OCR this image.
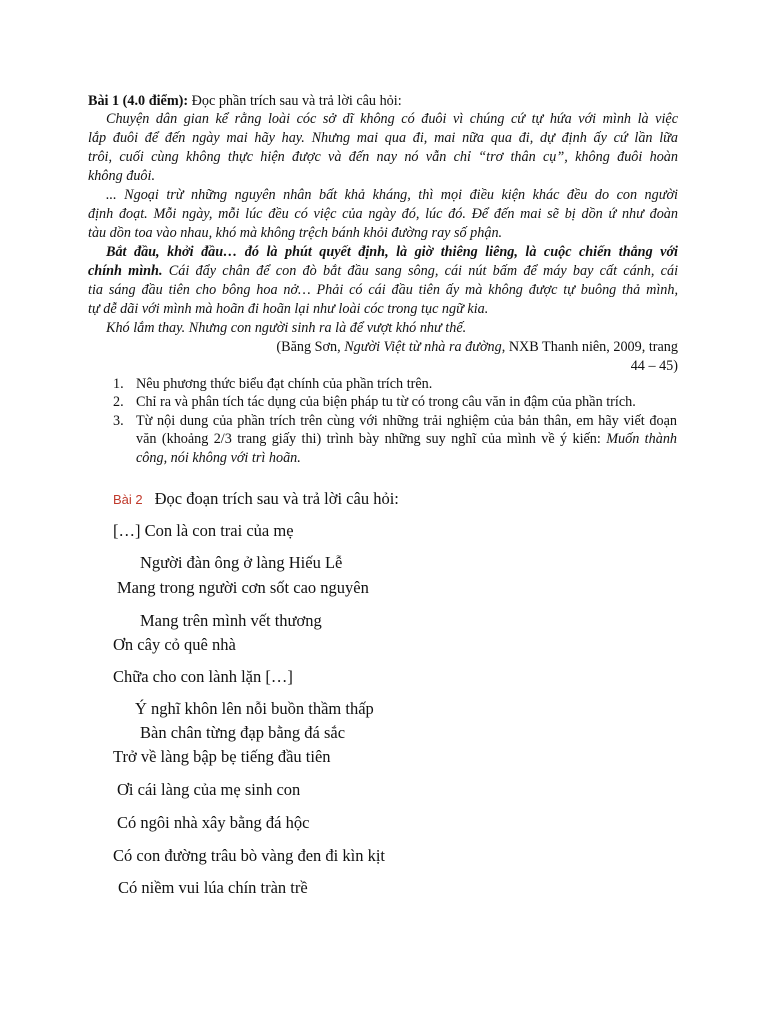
Bài 1 (4.0 điểm): Đọc phần trích sau và trả lời câu hỏi:
Chuyện dân gian kể rằng loài cóc sở dĩ không có đuôi vì chúng cứ tự hứa với mình là việc
lắp đuôi để đến ngày mai hãy hay. Nhưng mai qua đi, mai nữa qua đi, dự định ấy cứ lần lữa
trôi, cuối cùng không thực hiện được và đến nay nó vẫn chỉ “trơ thân cụ”, không đuôi hoàn
không đuôi.
... Ngoại trừ những nguyên nhân bất khả kháng, thì mọi điều kiện khác đều do con người
định đoạt. Mỗi ngày, mỗi lúc đều có việc của ngày đó, lúc đó. Để đến mai sẽ bị dồn ứ như đoàn
tàu dồn toa vào nhau, khó mà không trệch bánh khỏi đường ray số phận.
Bắt đầu, khởi đầu… đó là phút quyết định, là giờ thiêng liêng, là cuộc chiến thắng với
chính mình. Cái đẩy chân để con đò bắt đầu sang sông, cái nút bấm để máy bay cất cánh, cái
tia sáng đầu tiên cho bông hoa nở… Phải có cái đầu tiên ấy mà không được tự buông thả mình,
tự dễ dãi với mình mà hoãn đi hoãn lại như loài cóc trong tục ngữ kia.
Khó lắm thay. Nhưng con người sinh ra là để vượt khó như thế.
(Băng Sơn, Người Việt từ nhà ra đường, NXB Thanh niên, 2009, trang
44 – 45)
1. Nêu phương thức biểu đạt chính của phần trích trên.
2. Chỉ ra và phân tích tác dụng của biện pháp tu từ có trong câu văn in đậm của phần trích.
3. Từ nội dung của phần trích trên cùng với những trải nghiệm của bản thân, em hãy viết đoạn văn (khoảng 2/3 trang giấy thi) trình bày những suy nghĩ của mình về ý kiến: Muốn thành công, nói không với trì hoãn.
Bài 2 Đọc đoạn trích sau và trả lời câu hỏi:
[…] Con là con trai của mẹ
Người đàn ông ở làng Hiếu Lễ
Mang trong người cơn sốt cao nguyên
Mang trên mình vết thương
Ơn cây cỏ quê nhà
Chữa cho con lành lặn […]
Ý nghĩ khôn lên nỗi buồn thầm thấp
Bàn chân từng đạp bằng đá sắc
Trở về làng bập bẹ tiếng đầu tiên
Ơi cái làng của mẹ sinh con
Có ngôi nhà xây bằng đá hộc
Có con đường trâu bò vàng đen đi kìn kịt
Có niềm vui lúa chín tràn trề
